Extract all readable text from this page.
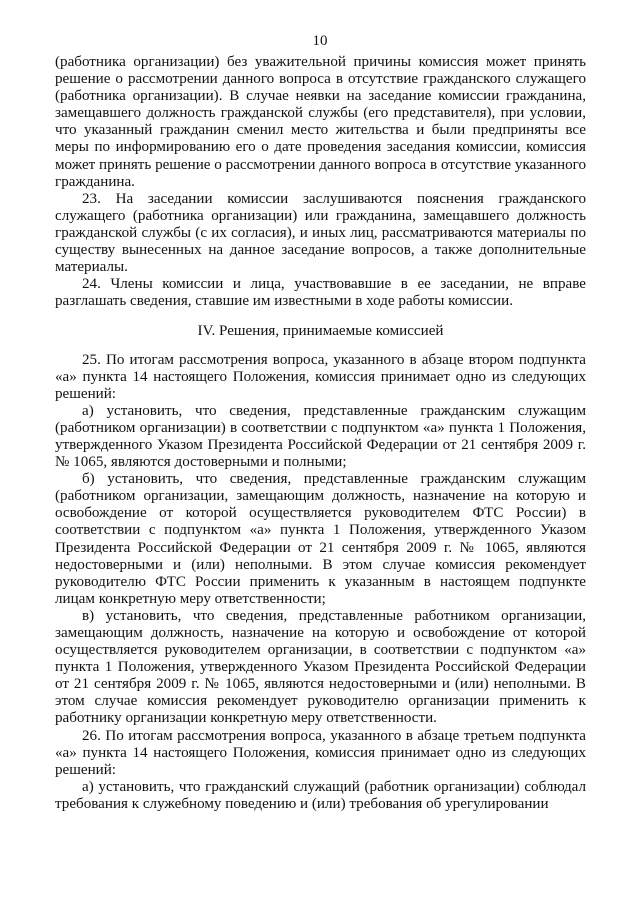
10

(работника организации) без уважительной причины комиссия может принять решение о рассмотрении данного вопроса в отсутствие гражданского служащего (работника организации). В случае неявки на заседание комиссии гражданина, замещавшего должность гражданской службы (его представителя), при условии, что указанный гражданин сменил место жительства и были предприняты все меры по информированию его о дате проведения заседания комиссии, комиссия может принять решение о рассмотрении данного вопроса в отсутствие указанного гражданина.

23. На заседании комиссии заслушиваются пояснения гражданского служащего (работника организации) или гражданина, замещавшего должность гражданской службы (с их согласия), и иных лиц, рассматриваются материалы по существу вынесенных на данное заседание вопросов, а также дополнительные материалы.

24. Члены комиссии и лица, участвовавшие в ее заседании, не вправе разглашать сведения, ставшие им известными в ходе работы комиссии.

IV. Решения, принимаемые комиссией

25. По итогам рассмотрения вопроса, указанного в абзаце втором подпункта «а» пункта 14 настоящего Положения, комиссия принимает одно из следующих решений:

а) установить, что сведения, представленные гражданским служащим (работником организации) в соответствии с подпунктом «а» пункта 1 Положения, утвержденного Указом Президента Российской Федерации от 21 сентября 2009 г. № 1065, являются достоверными и полными;

б) установить, что сведения, представленные гражданским служащим (работником организации, замещающим должность, назначение на которую и освобождение от которой осуществляется руководителем ФТС России) в соответствии с подпунктом «а» пункта 1 Положения, утвержденного Указом Президента Российской Федерации от 21 сентября 2009 г. № 1065, являются недостоверными и (или) неполными. В этом случае комиссия рекомендует руководителю ФТС России применить к указанным в настоящем подпункте лицам конкретную меру ответственности;

в) установить, что сведения, представленные работником организации, замещающим должность, назначение на которую и освобождение от которой осуществляется руководителем организации, в соответствии с подпунктом «а» пункта 1 Положения, утвержденного Указом Президента Российской Федерации от 21 сентября 2009 г. № 1065, являются недостоверными и (или) неполными. В этом случае комиссия рекомендует руководителю организации применить к работнику организации конкретную меру ответственности.

26. По итогам рассмотрения вопроса, указанного в абзаце третьем подпункта «а» пункта 14 настоящего Положения, комиссия принимает одно из следующих решений:

а) установить, что гражданский служащий (работник организации) соблюдал требования к служебному поведению и (или) требования об урегулировании
